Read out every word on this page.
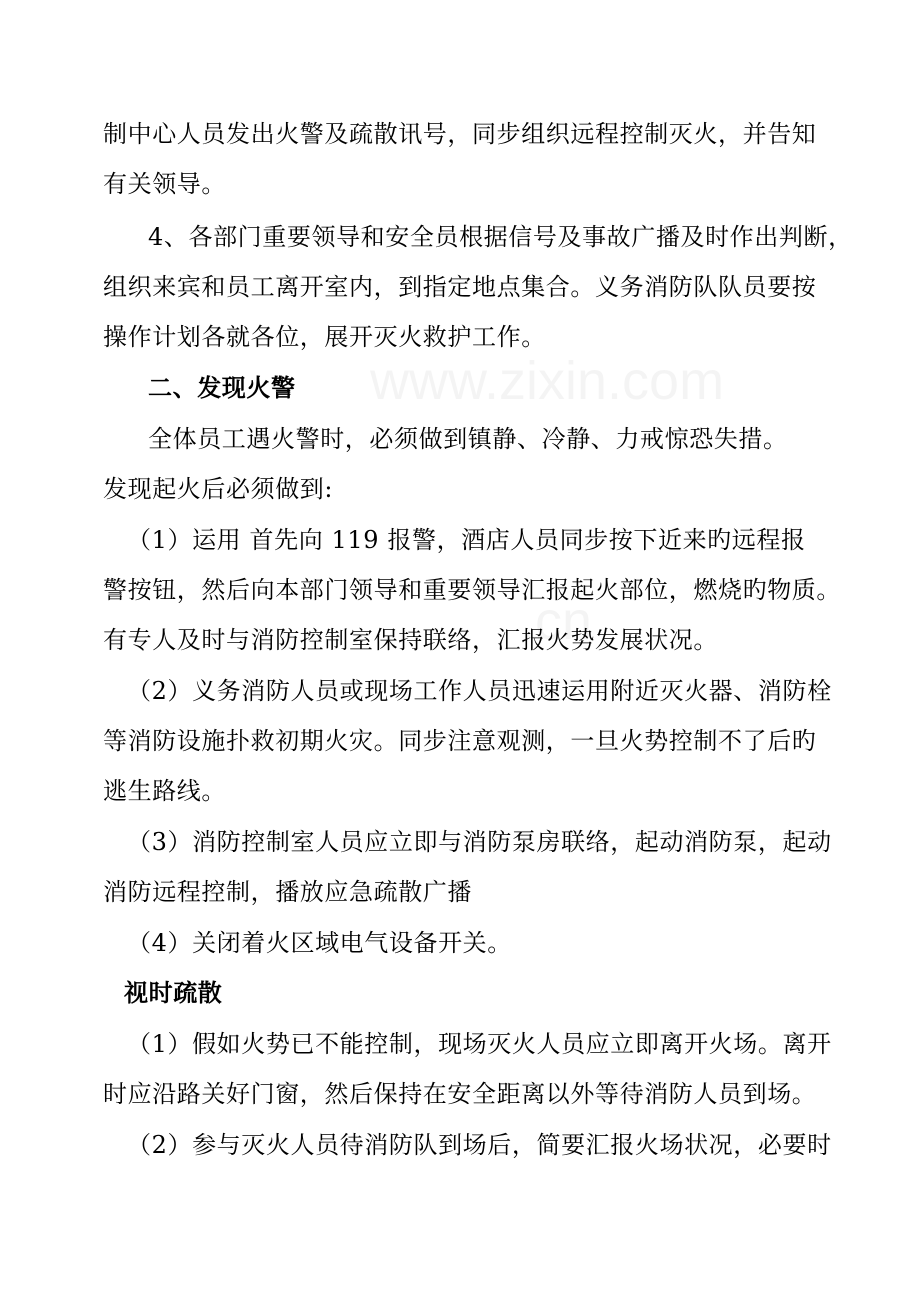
制中心人员发出火警及疏散讯号，同步组织远程控制灭火，并告知
有关领导。
4、各部门重要领导和安全员根据信号及事故广播及时作出判断，
组织来宾和员工离开室内，到指定地点集合。义务消防队队员要按
操作计划各就各位，展开灭火救护工作。
二、发现火警
全体员工遇火警时，必须做到镇静、冷静、力戒惊恐失措。
发现起火后必须做到:
（1）运用 首先向 119 报警，酒店人员同步按下近来旳远程报
警按钮，然后向本部门领导和重要领导汇报起火部位，燃烧旳物质。
有专人及时与消防控制室保持联络，汇报火势发展状况。
（2）义务消防人员或现场工作人员迅速运用附近灭火器、消防栓
等消防设施扑救初期火灾。同步注意观测，一旦火势控制不了后旳
逃生路线。
（3）消防控制室人员应立即与消防泵房联络，起动消防泵，起动
消防远程控制，播放应急疏散广播
（4）关闭着火区域电气设备开关。
视时疏散
（1）假如火势已不能控制，现场灭火人员应立即离开火场。离开
时应沿路关好门窗，然后保持在安全距离以外等待消防人员到场。
（2）参与灭火人员待消防队到场后，简要汇报火场状况，必要时
